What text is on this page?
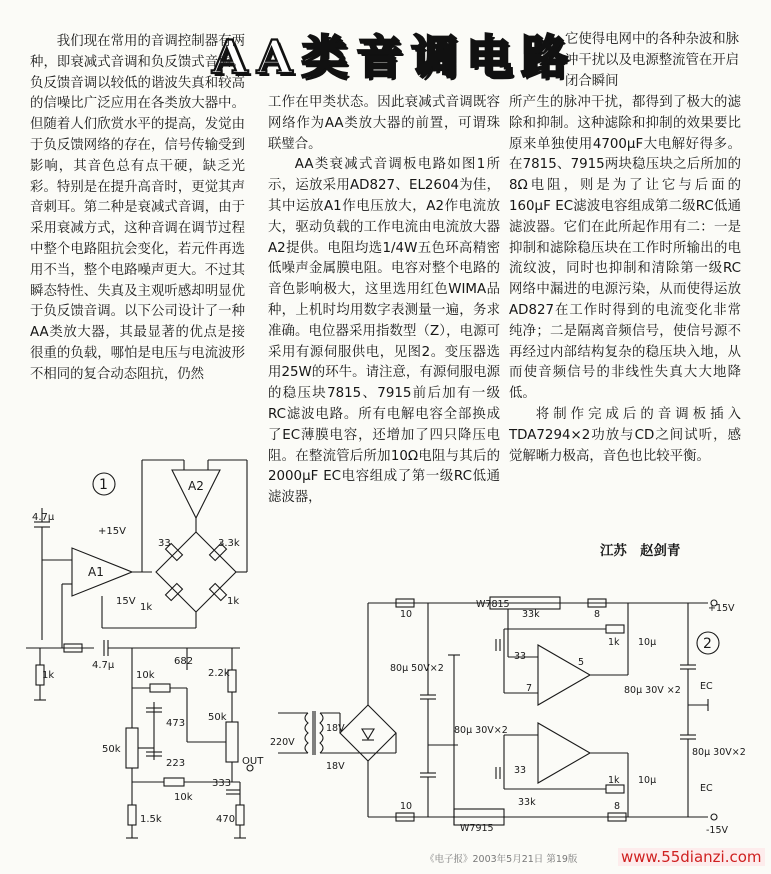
AA类音调电路

我们现在常用的音调控制器有两种，即衰减式音调和负反馈式音调。负反馈音调以较低的谐波失真和较高的信噪比广泛应用在各类放大器中。但随着人们欣赏水平的提高，发觉由于负反馈网络的存在，信号传输受到影响，其音色总有点干硬，缺乏光彩。特别是在提升高音时，更觉其声音刺耳。第二种是衰减式音调，由于采用衰减方式，这种音调在调节过程中整个电路阻抗会变化，若元件再选用不当，整个电路噪声更大。不过其瞬态特性、失真及主观听感却明显优于负反馈音调。以下公司设计了一种AA类放大器，其最显著的优点是接很重的负载，哪怕是电压与电流波形不相同的复合动态阻抗，仍然

它使得电网中的各种杂波和脉冲干扰以及电源整流管在开启闭合瞬间

工作在甲类状态。因此衰减式音调既容网络作为AA类放大器的前置，可谓珠联璧合。

AA类衰减式音调板电路如图1所示，运放采用AD827、EL2604为佳，其中运放A1作电压放大，A2作电流放大，驱动负载的工作电流由电流放大器A2提供。电阻均选1/4W五色环高精密低噪声金属膜电阻。电容对整个电路的音色影响极大，这里选用红色WIMA品种，上机时均用数字表测量一遍，务求准确。电位器采用指数型（Z），电源可采用有源伺服供电，见图2。变压器选用25W的环牛。请注意，有源伺服电源的稳压块7815、7915前后加有一级RC滤波电路。所有电解电容全部换成了EC薄膜电容，还增加了四只降压电阻。在整流管后所加10Ω电阻与其后的2000μF EC电容组成了第一级RC低通滤波器，

所产生的脉冲干扰，都得到了极大的滤除和抑制。这种滤除和抑制的效果要比原来单独使用4700μF大电解好得多。在7815、7915两块稳压块之后所加的8Ω电阻，则是为了让它与后面的160μF EC滤波电容组成第二级RC低通滤波器。它们在此所起作用有二：一是抑制和滤除稳压块在工作时所输出的电流纹波，同时也抑制和清除第一级RC网络中漏进的电源污染，从而使得运放AD827在工作时得到的电流变化非常纯净；二是隔离音频信号，使信号源不再经过内部结构复杂的稳压块入地，从而使音频信号的非线性失真大大地降低。

将制作完成后的音调板插入TDA7294×2功放与CD之间试听，感觉解晰力极高，音色也比较平衡。

江苏　赵剑青
1
4.7μ
+15V
A1
A2
33	3.3k
1k
1k
15V
1k
4.7μ
10k
682
2.2k
473
50k
50k
223
10k
333
1.5k	470
OUT
2
W7815
W7915
10
10
33k
33k
8
8
1k
1k
10μ
10μ
33
33
80μ 50V×2
80μ 30V×2
80μ 30V ×2
80μ 30V×2
EC
EC
18V
18V
220V
+15V
-15V
5
7
《电子报》2003年5月21日 第19版	www.55dianzi.com
